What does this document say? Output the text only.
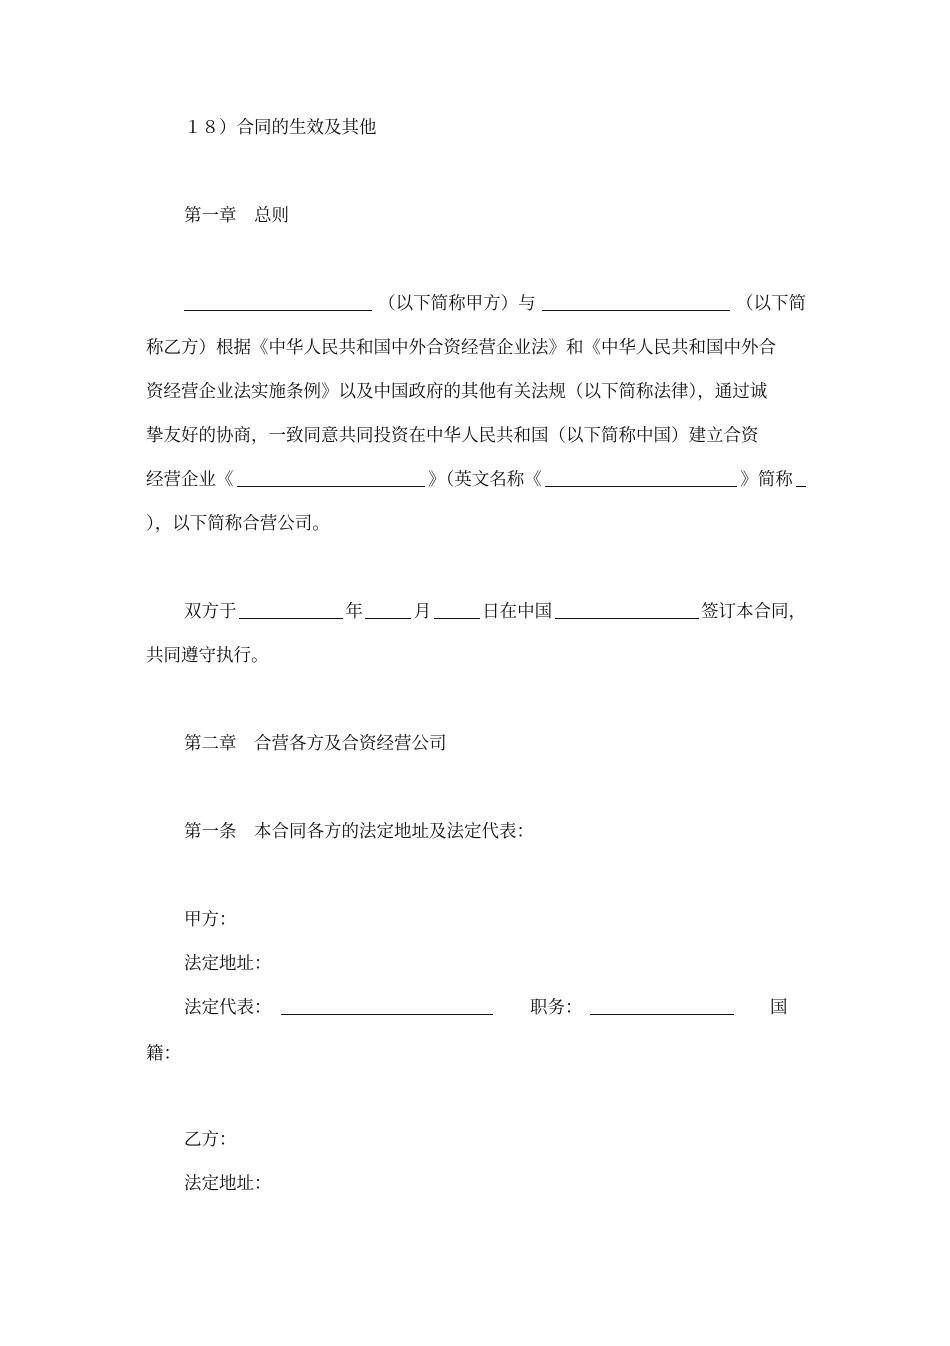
１８）合同的生效及其他
第一章　总则
（以下简称甲方）与	（以下简
称乙方）根据《中华人民共和国中外合资经营企业法》和《中华人民共和国中外合
资经营企业法实施条例》以及中国政府的其他有关法规（以下简称法律），通过诚
挚友好的协商，一致同意共同投资在中华人民共和国（以下简称中国）建立合资
经营企业《	》（英文名称《	》简称
），以下简称合营公司。
双方于	年	月	日在中国	签订本合同，
共同遵守执行。
第二章　合营各方及合资经营公司
第一条　本合同各方的法定地址及法定代表：
甲方：
法定地址：
法定代表：	职务：	国
籍：
乙方：
法定地址：
